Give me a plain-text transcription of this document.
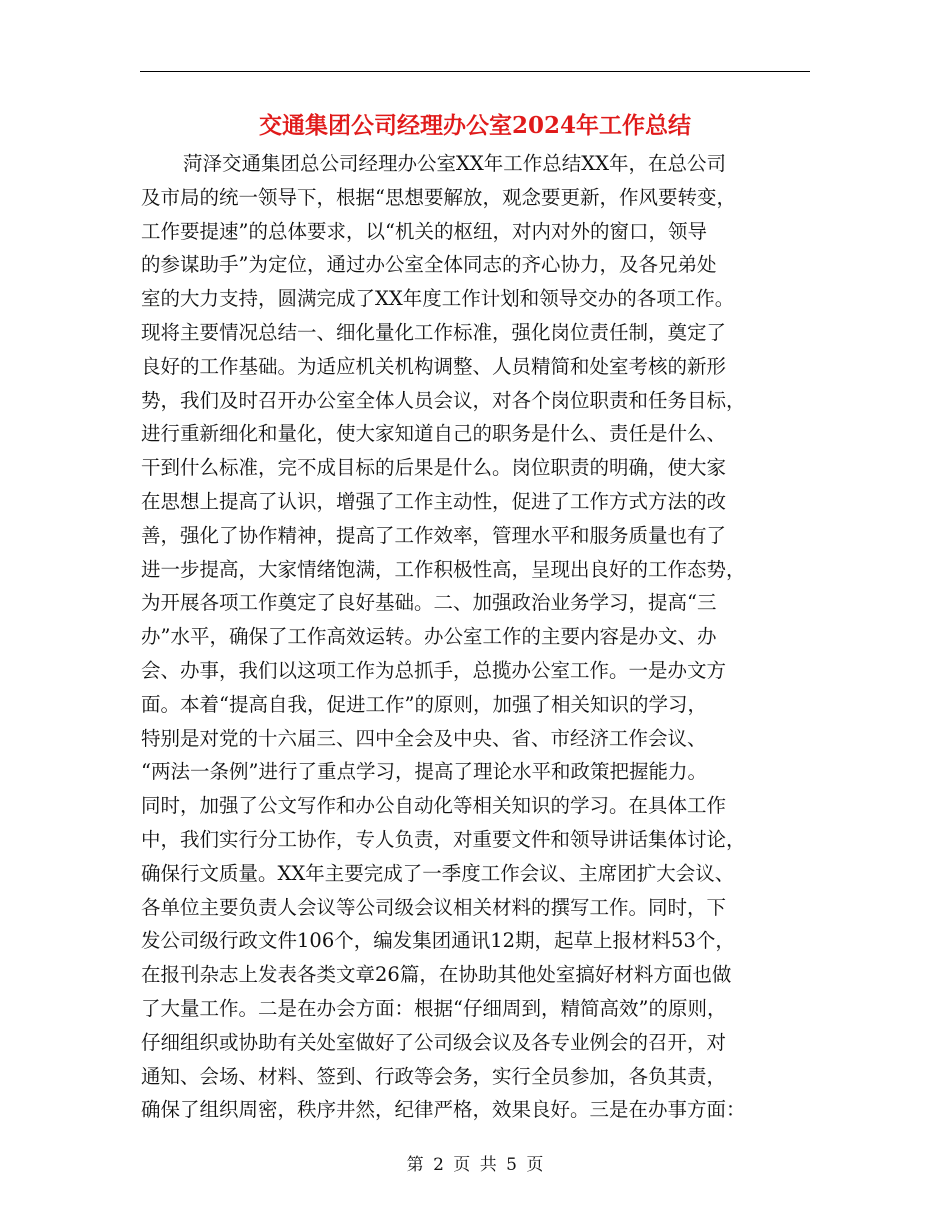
交通集团公司经理办公室2024年工作总结
菏泽交通集团总公司经理办公室XX年工作总结XX年，在总公司
及市局的统一领导下，根据“思想要解放，观念要更新，作风要转变，
工作要提速”的总体要求，以“机关的枢纽，对内对外的窗口，领导
的参谋助手”为定位，通过办公室全体同志的齐心协力，及各兄弟处
室的大力支持，圆满完成了XX年度工作计划和领导交办的各项工作。
现将主要情况总结一、细化量化工作标准，强化岗位责任制，奠定了
良好的工作基础。为适应机关机构调整、人员精简和处室考核的新形
势，我们及时召开办公室全体人员会议，对各个岗位职责和任务目标，
进行重新细化和量化，使大家知道自己的职务是什么、责任是什么、
干到什么标准，完不成目标的后果是什么。岗位职责的明确，使大家
在思想上提高了认识，增强了工作主动性，促进了工作方式方法的改
善，强化了协作精神，提高了工作效率，管理水平和服务质量也有了
进一步提高，大家情绪饱满，工作积极性高，呈现出良好的工作态势，
为开展各项工作奠定了良好基础。二、加强政治业务学习，提高“三
办”水平，确保了工作高效运转。办公室工作的主要内容是办文、办
会、办事，我们以这项工作为总抓手，总揽办公室工作。一是办文方
面。本着“提高自我，促进工作”的原则，加强了相关知识的学习，
特别是对党的十六届三、四中全会及中央、省、市经济工作会议、
“两法一条例”进行了重点学习，提高了理论水平和政策把握能力。
同时，加强了公文写作和办公自动化等相关知识的学习。在具体工作
中，我们实行分工协作，专人负责，对重要文件和领导讲话集体讨论，
确保行文质量。XX年主要完成了一季度工作会议、主席团扩大会议、
各单位主要负责人会议等公司级会议相关材料的撰写工作。同时，下
发公司级行政文件106个，编发集团通讯12期，起草上报材料53个，
在报刊杂志上发表各类文章26篇，在协助其他处室搞好材料方面也做
了大量工作。二是在办会方面：根据“仔细周到，精简高效”的原则，
仔细组织或协助有关处室做好了公司级会议及各专业例会的召开，对
通知、会场、材料、签到、行政等会务，实行全员参加，各负其责，
确保了组织周密，秩序井然，纪律严格，效果良好。三是在办事方面：
第 2 页 共 5 页
